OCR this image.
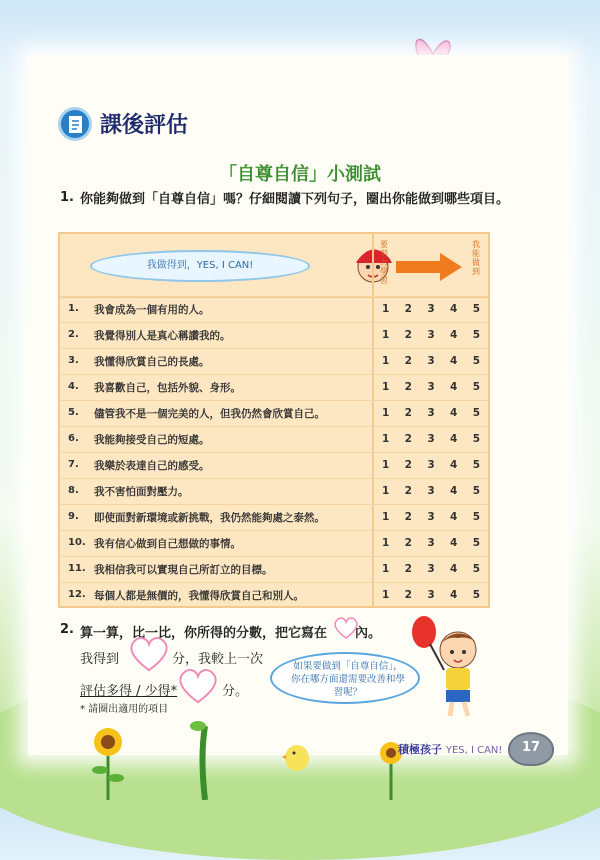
課後評估
「自尊自信」小測試
1. 你能夠做到「自尊自信」嗎？仔細閱讀下列句子，圈出你能做到哪些項目。
我做得到，YES, I CAN!
要努力學習
我能做到
1. 我會成為一個有用的人。	1 2 3 4 5
2. 我覺得別人是真心稱讚我的。	1 2 3 4 5
3. 我懂得欣賞自己的長處。	1 2 3 4 5
4. 我喜歡自己，包括外貌、身形。	1 2 3 4 5
5. 儘管我不是一個完美的人，但我仍然會欣賞自己。	1 2 3 4 5
6. 我能夠接受自己的短處。	1 2 3 4 5
7. 我樂於表達自己的感受。	1 2 3 4 5
8. 我不害怕面對壓力。	1 2 3 4 5
9. 即使面對新環境或新挑戰，我仍然能夠處之泰然。	1 2 3 4 5
10. 我有信心做到自己想做的事情。	1 2 3 4 5
11. 我相信我可以實現自己所訂立的目標。	1 2 3 4 5
12. 每個人都是無價的，我懂得欣賞自己和別人。	1 2 3 4 5
2. 算一算，比一比，你所得的分數，把它寫在 內。
我得到	分，我較上一次
評估多得 / 少得*	分。
* 請圈出適用的項目
如果要做到「自尊自信」，你在哪方面還需要改善和學習呢？
積極孩子 YES, I CAN!	17
